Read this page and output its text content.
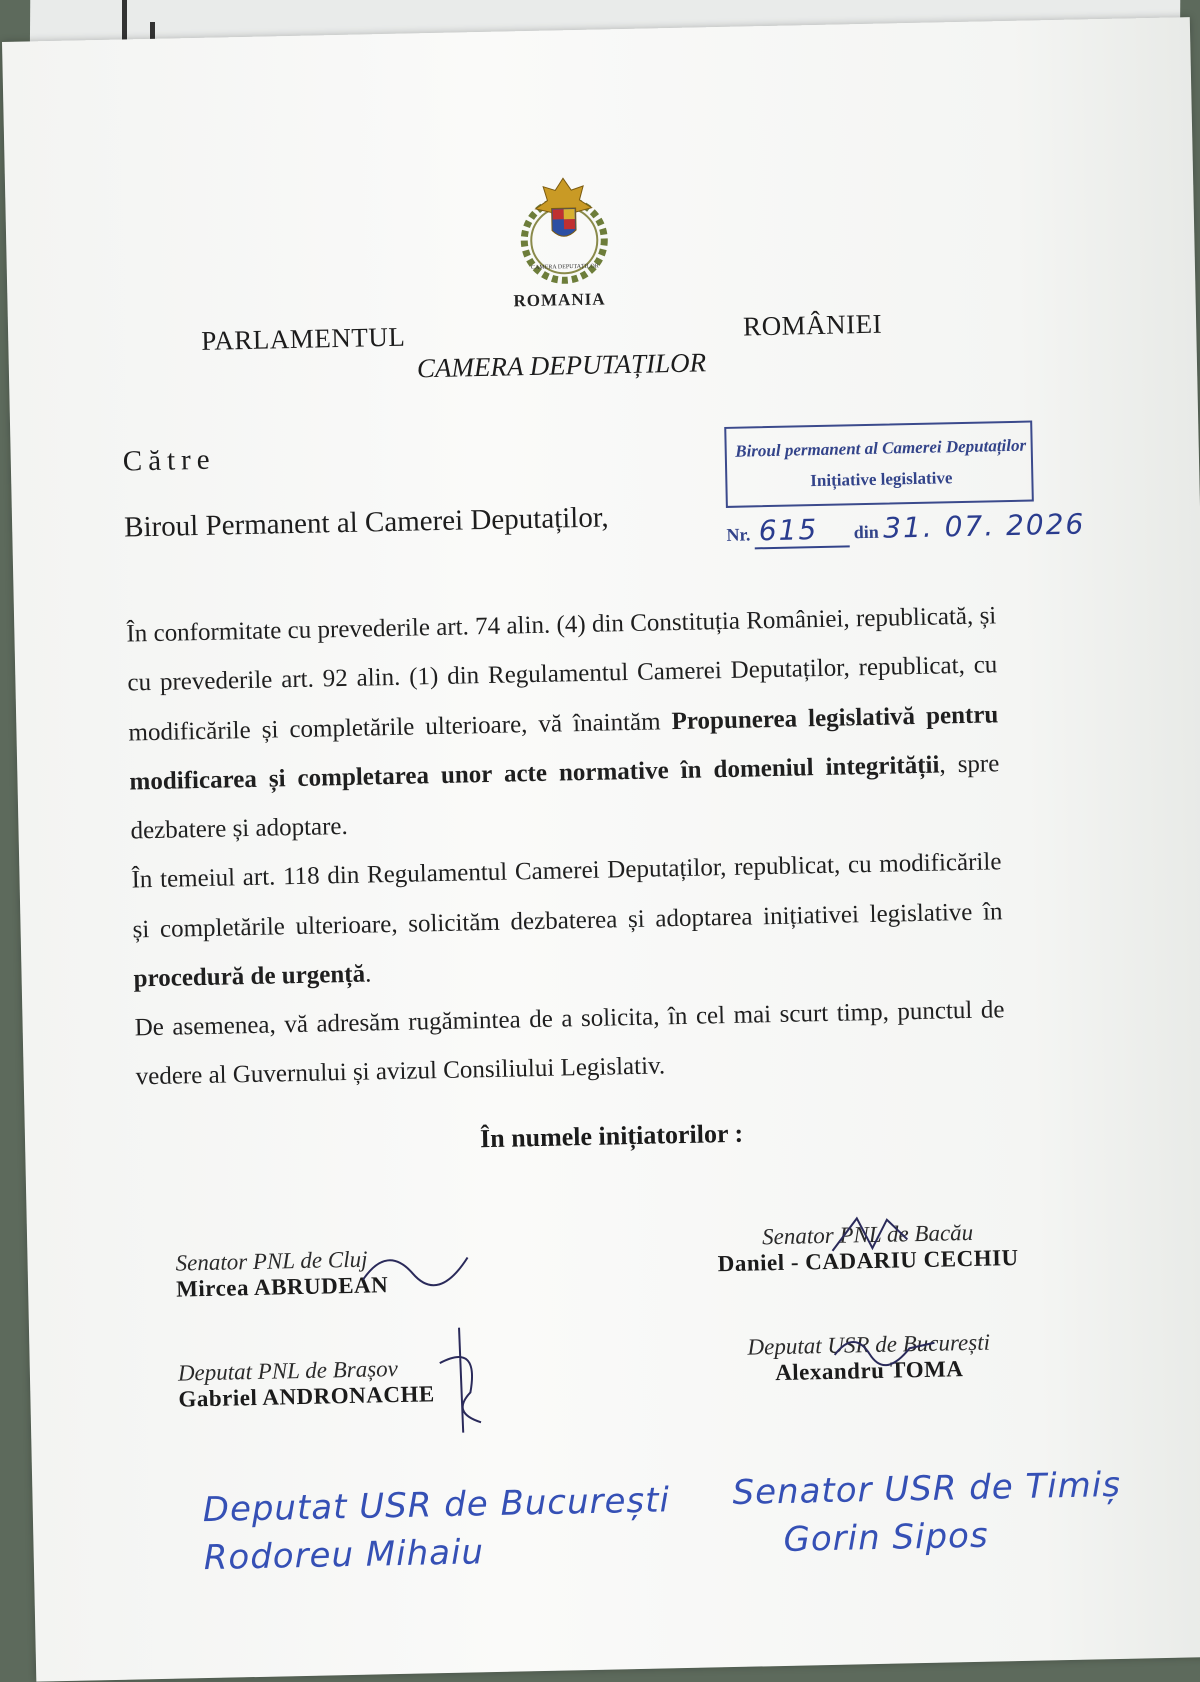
CAMERA DEPUTAȚILOR
ROMANIA
PARLAMENTUL	ROMÂNIEI
CAMERA DEPUTAȚILOR
Către
Biroul Permanent al Camerei Deputaților,
Biroul permanent al Camerei Deputaților
Inițiative legislative
Nr. 615 din 31. 07. 2026

În conformitate cu prevederile art. 74 alin. (4) din Constituția României, republicată, și cu prevederile art. 92 alin. (1) din Regulamentul Camerei Deputaților, republicat, cu modificările și completările ulterioare, vă înaintăm Propunerea legislativă pentru modificarea și completarea unor acte normative în domeniul integrității, spre dezbatere și adoptare.

În temeiul art. 118 din Regulamentul Camerei Deputaților, republicat, cu modificările și completările ulterioare, solicităm dezbaterea și adoptarea inițiativei legislative în procedură de urgență.

De asemenea, vă adresăm rugămintea de a solicita, în cel mai scurt timp, punctul de vedere al Guvernului și avizul Consiliului Legislativ.

În numele inițiatorilor :
Senator PNL de Cluj
Mircea ABRUDEAN
Senator PNL de Bacău
Daniel - CADARIU CECHIU
Deputat PNL de Brașov
Gabriel ANDRONACHE
Deputat USR de București
Alexandru TOMA
Deputat USR de București
Rodoreu Mihaiu
Senator USR de Timiș
Gorin Sipos
